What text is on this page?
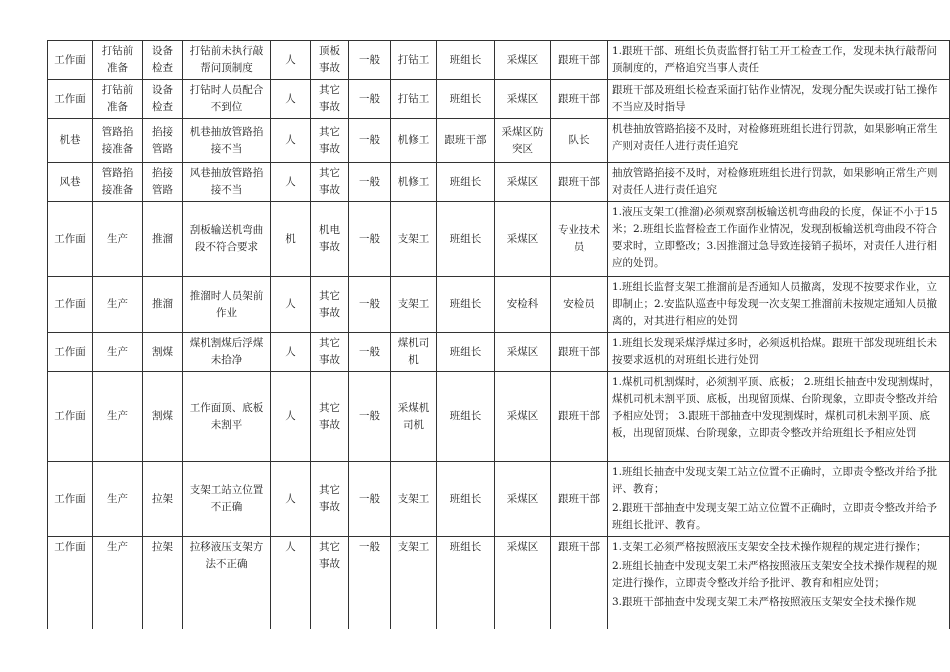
工作面	打钻前准备	设备检查	打钻前未执行敲帮问顶制度	人	顶板事故	一般	打钻工	班组长	采煤区	跟班干部	1.跟班干部、班组长负责监督打钻工开工检查工作，发现未执行敲帮问顶制度的，严格追究当事人责任

工作面	打钻前准备	设备检查	打钻时人员配合不到位	人	其它事故	一般	打钻工	班组长	采煤区	跟班干部	跟班干部及班组长检查采面打钻作业情况，发现分配失误或打钻工操作不当应及时指导

机巷	管路掐接准备	掐接管路	机巷抽放管路掐接不当	人	其它事故	一般	机修工	跟班干部	采煤区防突区	队长	机巷抽放管路掐接不及时，对检修班班组长进行罚款，如果影响正常生产则对责任人进行责任追究

风巷	管路掐接准备	掐接管路	风巷抽放管路掐接不当	人	其它事故	一般	机修工	班组长	采煤区	跟班干部	抽放管路掐接不及时，对检修班班组长进行罚款，如果影响正常生产则对责任人进行责任追究

工作面	生产	推溜	刮板输送机弯曲段不符合要求	机	机电事故	一般	支架工	班组长	采煤区	专业技术员	1.液压支架工(推溜)必须观察刮板输送机弯曲段的长度，保证不小于15米；2.班组长监督检查工作面作业情况，发现刮板输送机弯曲段不符合要求时，立即整改；3.因推溜过急导致连接销子损坏，对责任人进行相应的处罚。

工作面	生产	推溜	推溜时人员架前作业	人	其它事故	一般	支架工	班组长	安检科	安检员	1.班组长监督支架工推溜前是否通知人员撤离，发现不按要求作业，立即制止；2.安监队巡查中每发现一次支架工推溜前未按规定通知人员撤离的，对其进行相应的处罚

工作面	生产	割煤	煤机割煤后浮煤未拾净	人	其它事故	一般	煤机司机	班组长	采煤区	跟班干部	1.班组长发现采煤浮煤过多时，必须返机拾煤。跟班干部发现班组长未按要求返机的对班组长进行处罚

工作面	生产	割煤	工作面顶、底板未割平	人	其它事故	一般	采煤机司机	班组长	采煤区	跟班干部	1.煤机司机割煤时，必须割平顶、底板； 2.班组长抽查中发现割煤时，煤机司机未割平顶、底板，出现留顶煤、台阶现象，立即责令整改并给予相应处罚； 3.跟班干部抽查中发现割煤时，煤机司机未割平顶、底板，出现留顶煤、台阶现象，立即责令整改并给班组长予相应处罚

工作面	生产	拉架	支架工站立位置不正确	人	其它事故	一般	支架工	班组长	采煤区	跟班干部	1.班组长抽查中发现支架工站立位置不正确时，立即责令整改并给予批评、教育；

2.跟班干部抽查中发现支架工站立位置不正确时，立即责令整改并给予班组长批评、教育。

工作面	生产	拉架	拉移液压支架方法不正确	人	其它事故	一般	支架工	班组长	采煤区	跟班干部	1.支架工必须严格按照液压支架安全技术操作规程的规定进行操作；

2.班组长抽查中发现支架工未严格按照液压支架安全技术操作规程的规定进行操作，立即责令整改并给予批评、教育和相应处罚；

3.跟班干部抽查中发现支架工未严格按照液压支架安全技术操作规
